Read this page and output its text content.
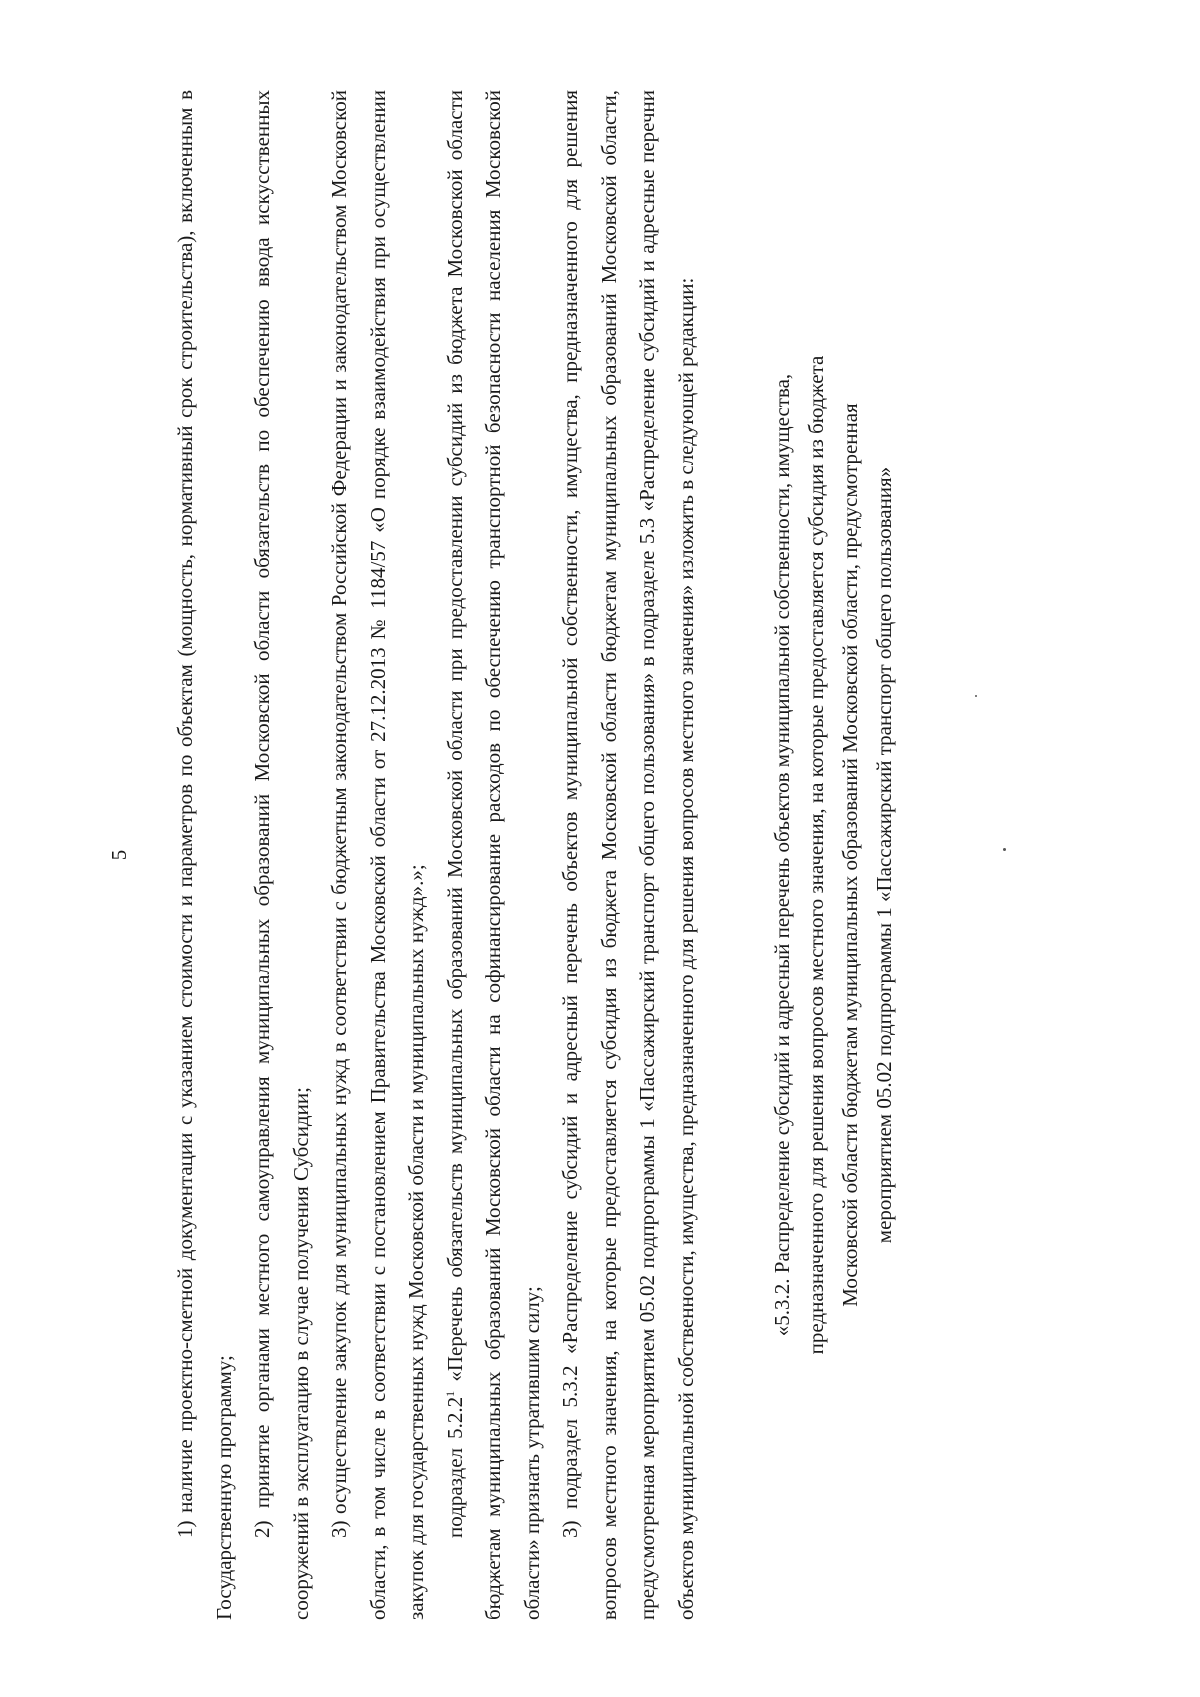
5	1) наличие проектно-сметной документации с указанием стоимости и параметров по объектам (мощность, нормативный срок строительства), включенным в Государственную программу; 2) принятие органами местного самоуправления муниципальных образований Московской области обязательств по обеспечению ввода искусственных сооружений в эксплуатацию в случае получения Субсидии; 3) осуществление закупок для муниципальных нужд в соответствии с бюджетным законодательством Российской Федерации и законодательством Московской области, в том числе в соответствии с постановлением Правительства Московской области от 27.12.2013 № 1184/57 «О порядке взаимодействия при осуществлении закупок для государственных нужд Московской области и муниципальных нужд».»; подраздел 5.2.2$^1$ «Перечень обязательств муниципальных образований Московской области при предоставлении субсидий из бюджета Московской области бюджетам муниципальных образований Московской области на софинансирование расходов по обеспечению транспортной безопасности населения Московской области» признать утратившим силу; 3) подраздел 5.3.2 «Распределение субсидий и адресный перечень объектов муниципальной собственности, имущества, предназначенного для решения вопросов местного значения, на которые предоставляется субсидия из бюджета Московской области бюджетам муниципальных образований Московской области, предусмотренная мероприятием 05.02 подпрограммы 1 «Пассажирский транспорт общего пользования» в подразделе 5.3 «Распределение субсидий и адресные перечни объектов муниципальной собственности, имущества, предназначенного для решения вопросов местного значения» изложить в следующей редакции:	«5.3.2. Распределение субсидий и адресный перечень объектов муниципальной собственности, имущества, предназначенного для решения вопросов местного значения, на которые предоставляется субсидия из бюджета Московской области бюджетам муниципальных образований Московской области, предусмотренная мероприятием 05.02 подпрограммы 1 «Пассажирский транспорт общего пользования»
